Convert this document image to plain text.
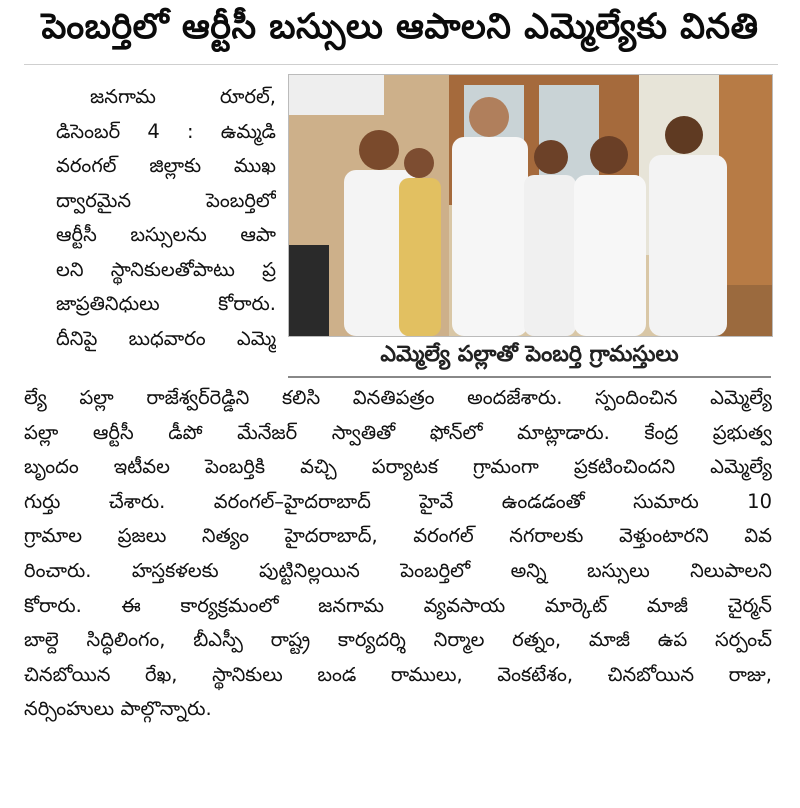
పెంబర్తిలో ఆర్టీసీ బస్సులు ఆపాలని ఎమ్మెల్యేకు వినతి
జనగామ రూరల్,
డిసెంబర్ 4 : ఉమ్మడి
వరంగల్ జిల్లాకు ముఖ
ద్వారమైన పెంబర్తిలో
ఆర్టీసీ బస్సులను ఆపా
లని స్థానికులతోపాటు ప్ర
జాప్రతినిధులు కోరారు.
దీనిపై బుధవారం ఎమ్మె
ఎమ్మెల్యే పల్లాతో పెంబర్తి గ్రామస్తులు
ల్యే పల్లా రాజేశ్వర్‌రెడ్డిని కలిసి వినతిపత్రం అందజేశారు. స్పందించిన ఎమ్మెల్యే
పల్లా ఆర్టీసీ డీపో మేనేజర్ స్వాతితో ఫోన్‌లో మాట్లాడారు. కేంద్ర ప్రభుత్వ
బృందం ఇటీవల పెంబర్తికి వచ్చి పర్యాటక గ్రామంగా ప్రకటించిందని ఎమ్మెల్యే
గుర్తు చేశారు. వరంగల్–హైదరాబాద్ హైవే ఉండడంతో సుమారు 10
గ్రామాల ప్రజలు నిత్యం హైదరాబాద్, వరంగల్ నగరాలకు వెళ్తుంటారని వివ
రించారు. హస్తకళలకు పుట్టినిల్లయిన పెంబర్తిలో అన్ని బస్సులు నిలుపాలని
కోరారు. ఈ కార్యక్రమంలో జనగామ వ్యవసాయ మార్కెట్ మాజీ చైర్మన్
బాల్దె సిద్ధిలింగం, బీఎస్పీ రాష్ట్ర కార్యదర్శి నిర్మాల రత్నం, మాజీ ఉప సర్పంచ్
చినబోయిన రేఖ, స్థానికులు బండ రాములు, వెంకటేశం, చినబోయిన రాజు,
నర్సింహులు పాల్గొన్నారు.
